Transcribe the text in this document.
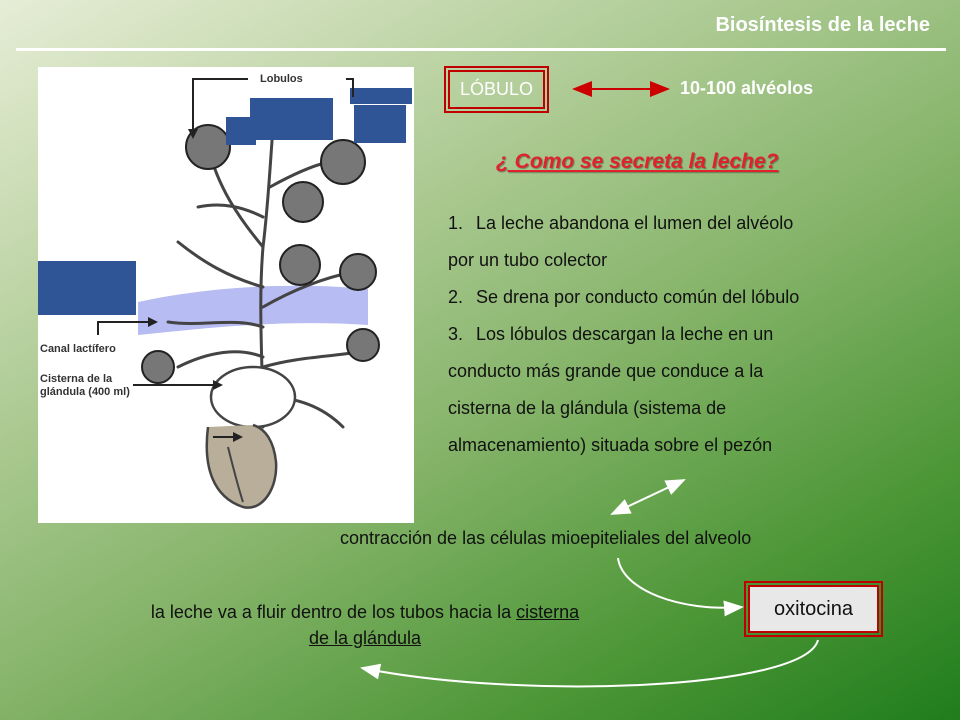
Biosíntesis de la leche
Lobulos
Canal lactífero
Cisterna de la
glándula (400 ml)
LÓBULO	10-100 alvéolos
¿ Como se secreta la leche?
1. La leche abandona el lumen del alvéolo
por un tubo colector
2. Se drena por conducto común del lóbulo
3. Los lóbulos descargan la leche en un
conducto más grande que conduce a la
cisterna de la glándula (sistema de
almacenamiento) situada sobre el pezón
contracción de las células mioepiteliales del alveolo
oxitocina
la leche va a fluir dentro de los tubos hacia la cisterna
de la glándula
